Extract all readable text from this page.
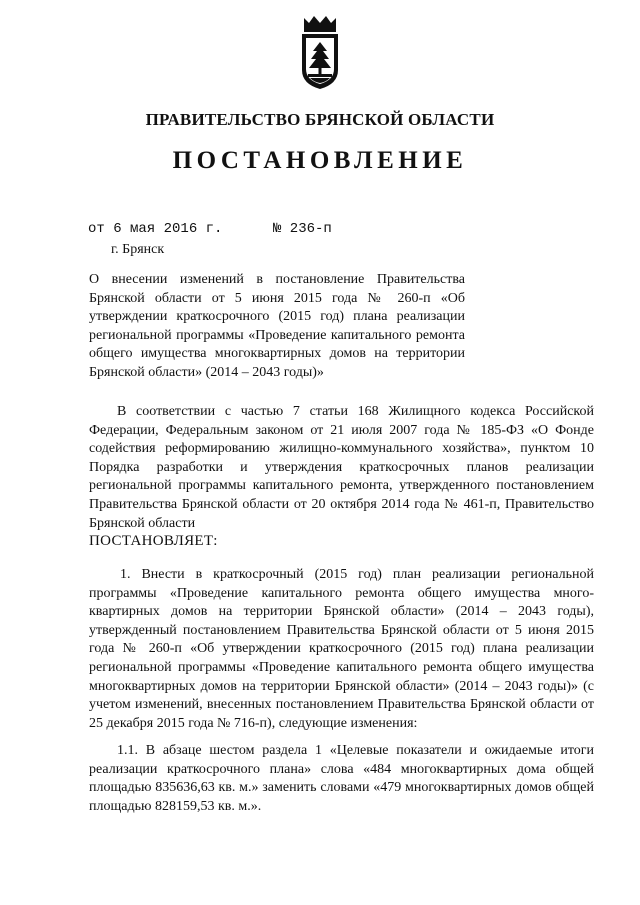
ПРАВИТЕЛЬСТВО БРЯНСКОЙ ОБЛАСТИ
ПОСТАНОВЛЕНИЕ
от 6 мая 2016 г.	№ 236-п
г. Брянск
О внесении изменений в постановление Правительства Брянской области от 5 июня 2015 года № 260-п «Об утверждении краткосрочного (2015 год) плана реализации региональной программы «Проведение капитального ремонта общего имущества многоквартирных домов на территории Брянской области» (2014 – 2043 годы)»
В соответствии с частью 7 статьи 168 Жилищного кодекса Российской Федерации, Федеральным законом от 21 июля 2007 года № 185-ФЗ «О Фонде содействия реформированию жилищно-коммунального хозяйства», пунктом 10 Порядка разработки и утверждения краткосрочных планов реализации региональной программы капитального ремонта, утвержденного постановлением Правительства Брянской области от 20 октября 2014 года № 461-п, Правительство Брянской области
ПОСТАНОВЛЯЕТ:
1. Внести в краткосрочный (2015 год) план реализации региональной программы «Проведение капитального ремонта общего имущества многоквартирных домов на территории Брянской области» (2014 – 2043 годы), утвержденный постановлением Правительства Брянской области от 5 июня 2015 года № 260-п «Об утверждении краткосрочного (2015 год) плана реализации региональной программы «Проведение капитального ремонта общего имущества многоквартирных домов на территории Брянской области» (2014 – 2043 годы)» (с учетом изменений, внесенных постановлением Правительства Брянской области от 25 декабря 2015 года № 716-п), следующие изменения:
1.1. В абзаце шестом раздела 1 «Целевые показатели и ожидаемые итоги реализации краткосрочного плана» слова «484 многоквартирных дома общей площадью 835636,63 кв. м.» заменить словами «479 многоквартирных домов общей площадью 828159,53 кв. м.».
